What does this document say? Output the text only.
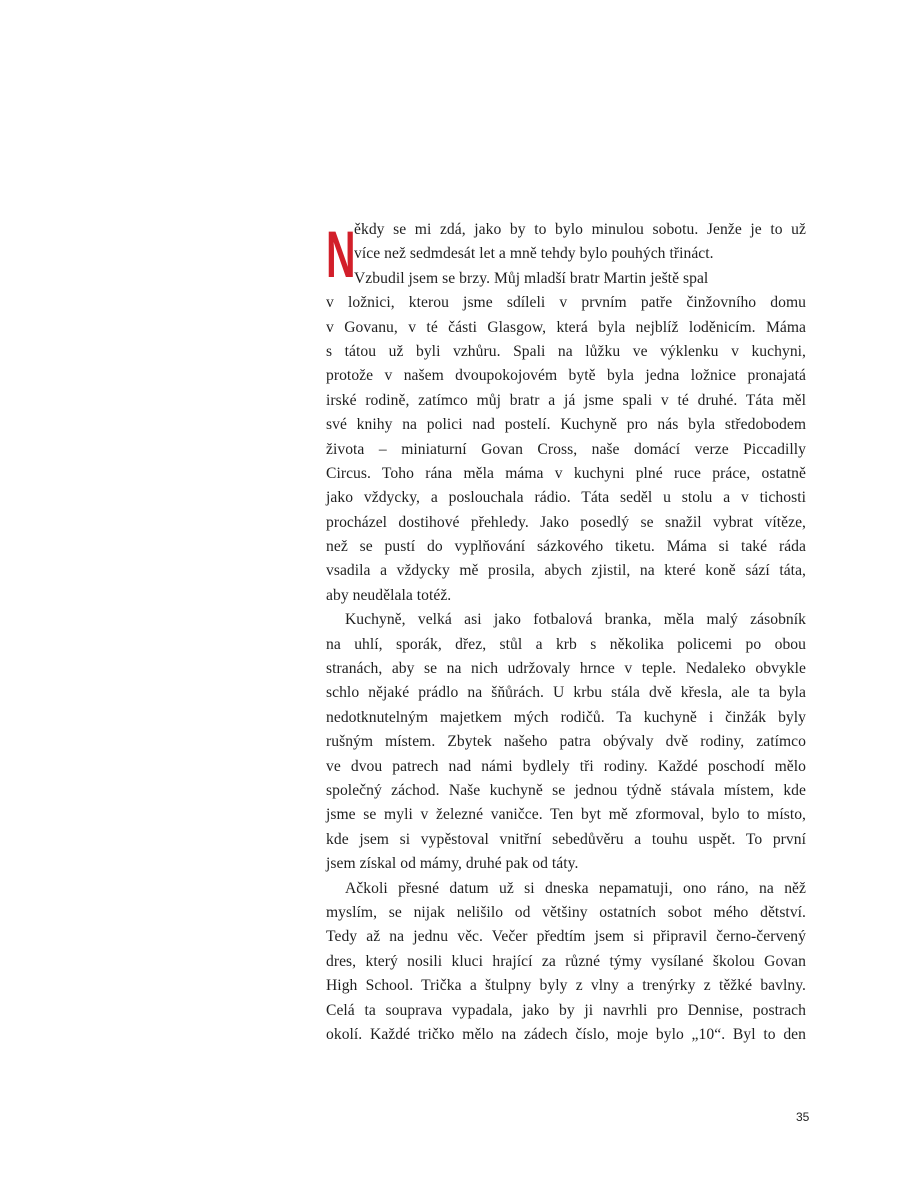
N
ěkdy se mi zdá, jako by to bylo minulou sobotu. Jenže je to už
více než sedmdesát let a mně tehdy bylo pouhých třináct.
Vzbudil jsem se brzy. Můj mladší bratr Martin ještě spal
v ložnici, kterou jsme sdíleli v prvním patře činžovního domu
v Govanu, v té části Glasgow, která byla nejblíž loděnicím. Máma
s tátou už byli vzhůru. Spali na lůžku ve výklenku v kuchyni,
protože v našem dvoupokojovém bytě byla jedna ložnice pronajatá
irské rodině, zatímco můj bratr a já jsme spali v té druhé. Táta měl
své knihy na polici nad postelí. Kuchyně pro nás byla středobodem
života – miniaturní Govan Cross, naše domácí verze Piccadilly
Circus. Toho rána měla máma v kuchyni plné ruce práce, ostatně
jako vždycky, a poslouchala rádio. Táta seděl u stolu a v tichosti
procházel dostihové přehledy. Jako posedlý se snažil vybrat vítěze,
než se pustí do vyplňování sázkového tiketu. Máma si také ráda
vsadila a vždycky mě prosila, abych zjistil, na které koně sází táta,
aby neudělala totéž.
Kuchyně, velká asi jako fotbalová branka, měla malý zásobník
na uhlí, sporák, dřez, stůl a krb s několika policemi po obou
stranách, aby se na nich udržovaly hrnce v teple. Nedaleko obvykle
schlo nějaké prádlo na šňůrách. U krbu stála dvě křesla, ale ta byla
nedotknutelným majetkem mých rodičů. Ta kuchyně i činžák byly
rušným místem. Zbytek našeho patra obývaly dvě rodiny, zatímco
ve dvou patrech nad námi bydlely tři rodiny. Každé poschodí mělo
společný záchod. Naše kuchyně se jednou týdně stávala místem, kde
jsme se myli v železné vaničce. Ten byt mě zformoval, bylo to místo,
kde jsem si vypěstoval vnitřní sebedůvěru a touhu uspět. To první
jsem získal od mámy, druhé pak od táty.
Ačkoli přesné datum už si dneska nepamatuji, ono ráno, na něž
myslím, se nijak nelišilo od většiny ostatních sobot mého dětství.
Tedy až na jednu věc. Večer předtím jsem si připravil černo-červený
dres, který nosili kluci hrající za různé týmy vysílané školou Govan
High School. Trička a štulpny byly z vlny a trenýrky z těžké bavlny.
Celá ta souprava vypadala, jako by ji navrhli pro Dennise, postrach
okolí. Každé tričko mělo na zádech číslo, moje bylo „10“. Byl to den
35
